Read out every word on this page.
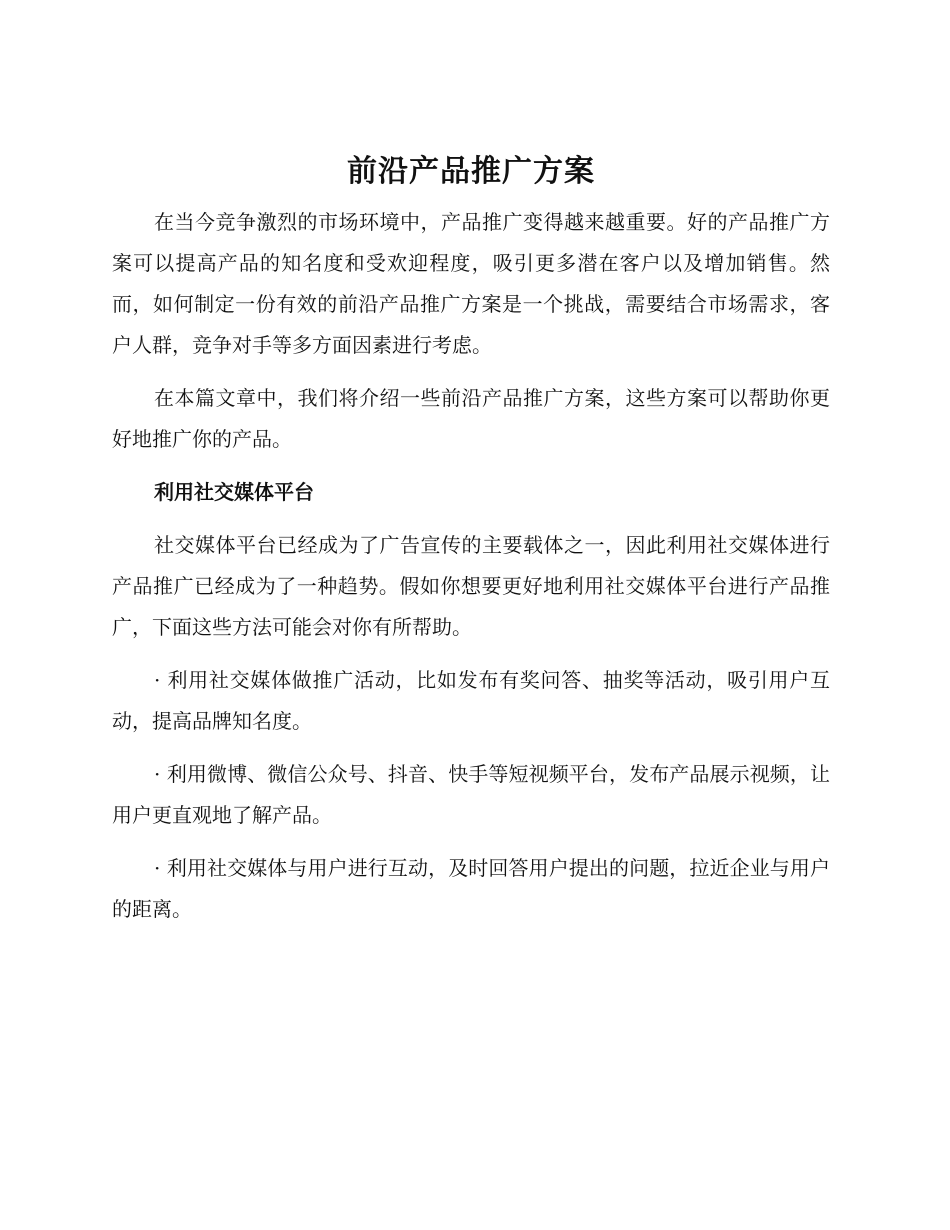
前沿产品推广方案

在当今竞争激烈的市场环境中，产品推广变得越来越重要。好的产品推广方案可以提高产品的知名度和受欢迎程度，吸引更多潜在客户以及增加销售。然而，如何制定一份有效的前沿产品推广方案是一个挑战，需要结合市场需求，客户人群，竞争对手等多方面因素进行考虑。

在本篇文章中，我们将介绍一些前沿产品推广方案，这些方案可以帮助你更好地推广你的产品。

利用社交媒体平台

社交媒体平台已经成为了广告宣传的主要载体之一，因此利用社交媒体进行产品推广已经成为了一种趋势。假如你想要更好地利用社交媒体平台进行产品推广，下面这些方法可能会对你有所帮助。

· 利用社交媒体做推广活动，比如发布有奖问答、抽奖等活动，吸引用户互动，提高品牌知名度。

· 利用微博、微信公众号、抖音、快手等短视频平台，发布产品展示视频，让用户更直观地了解产品。

· 利用社交媒体与用户进行互动，及时回答用户提出的问题，拉近企业与用户的距离。
